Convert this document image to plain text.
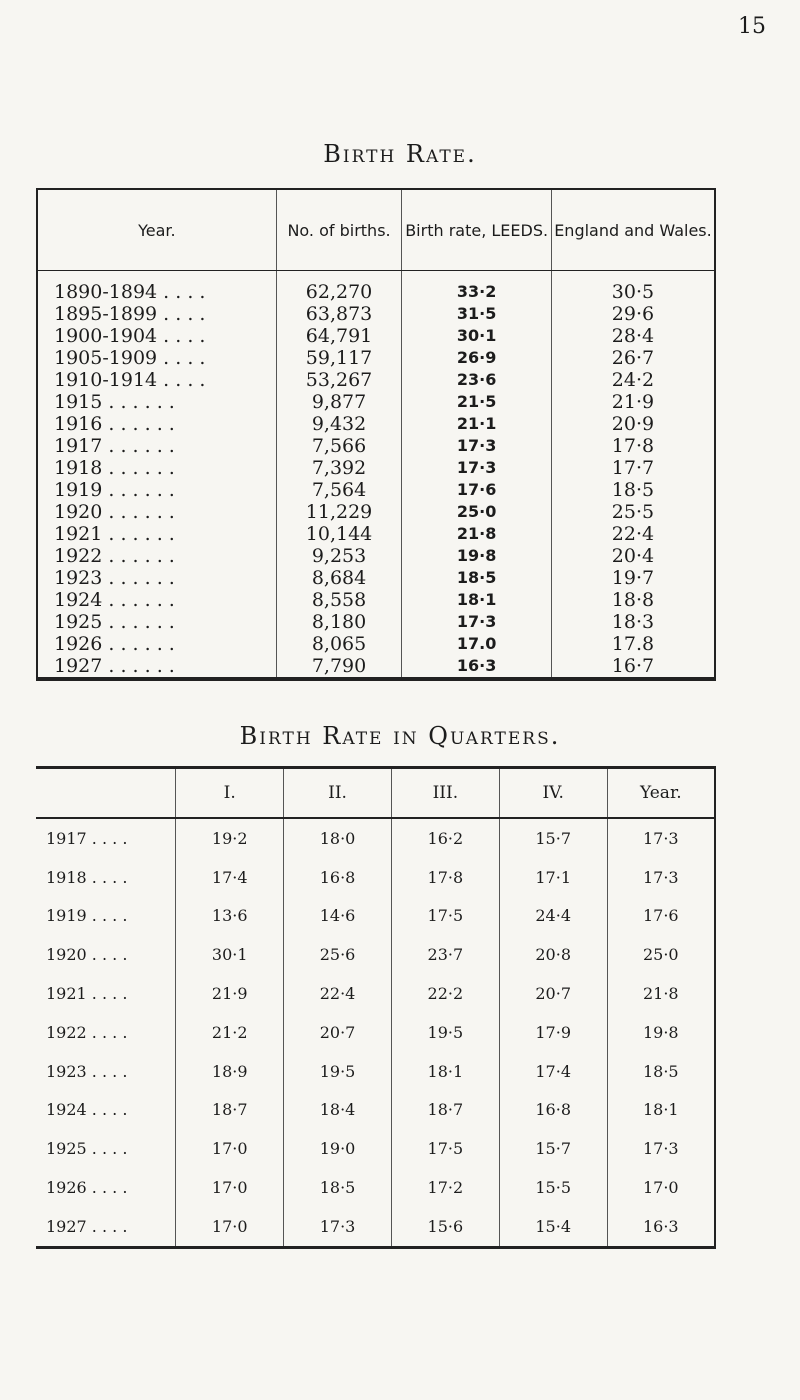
15
Birth Rate.
Year.	No. of births.	Birth rate, LEEDS.	England and Wales.
1890-1894 . . . .	62,270	33·2	30·5
1895-1899 . . . .	63,873	31·5	29·6
1900-1904 . . . .	64,791	30·1	28·4
1905-1909 . . . .	59,117	26·9	26·7
1910-1914 . . . .	53,267	23·6	24·2
1915 . . . . . .	9,877	21·5	21·9
1916 . . . . . .	9,432	21·1	20·9
1917 . . . . . .	7,566	17·3	17·8
1918 . . . . . .	7,392	17·3	17·7
1919 . . . . . .	7,564	17·6	18·5
1920 . . . . . .	11,229	25·0	25·5
1921 . . . . . .	10,144	21·8	22·4
1922 . . . . . .	9,253	19·8	20·4
1923 . . . . . .	8,684	18·5	19·7
1924 . . . . . .	8,558	18·1	18·8
1925 . . . . . .	8,180	17·3	18·3
1926 . . . . . .	8,065	17.0	17.8
1927 . . . . . .	7,790	16·3	16·7
Birth Rate in Quarters.
	I.	II.	III.	IV.	Year.
1917 . . . .	19·2	18·0	16·2	15·7	17·3
1918 . . . .	17·4	16·8	17·8	17·1	17·3
1919 . . . .	13·6	14·6	17·5	24·4	17·6
1920 . . . .	30·1	25·6	23·7	20·8	25·0
1921 . . . .	21·9	22·4	22·2	20·7	21·8
1922 . . . .	21·2	20·7	19·5	17·9	19·8
1923 . . . .	18·9	19·5	18·1	17·4	18·5
1924 . . . .	18·7	18·4	18·7	16·8	18·1
1925 . . . .	17·0	19·0	17·5	15·7	17·3
1926 . . . .	17·0	18·5	17·2	15·5	17·0
1927 . . . .	17·0	17·3	15·6	15·4	16·3
